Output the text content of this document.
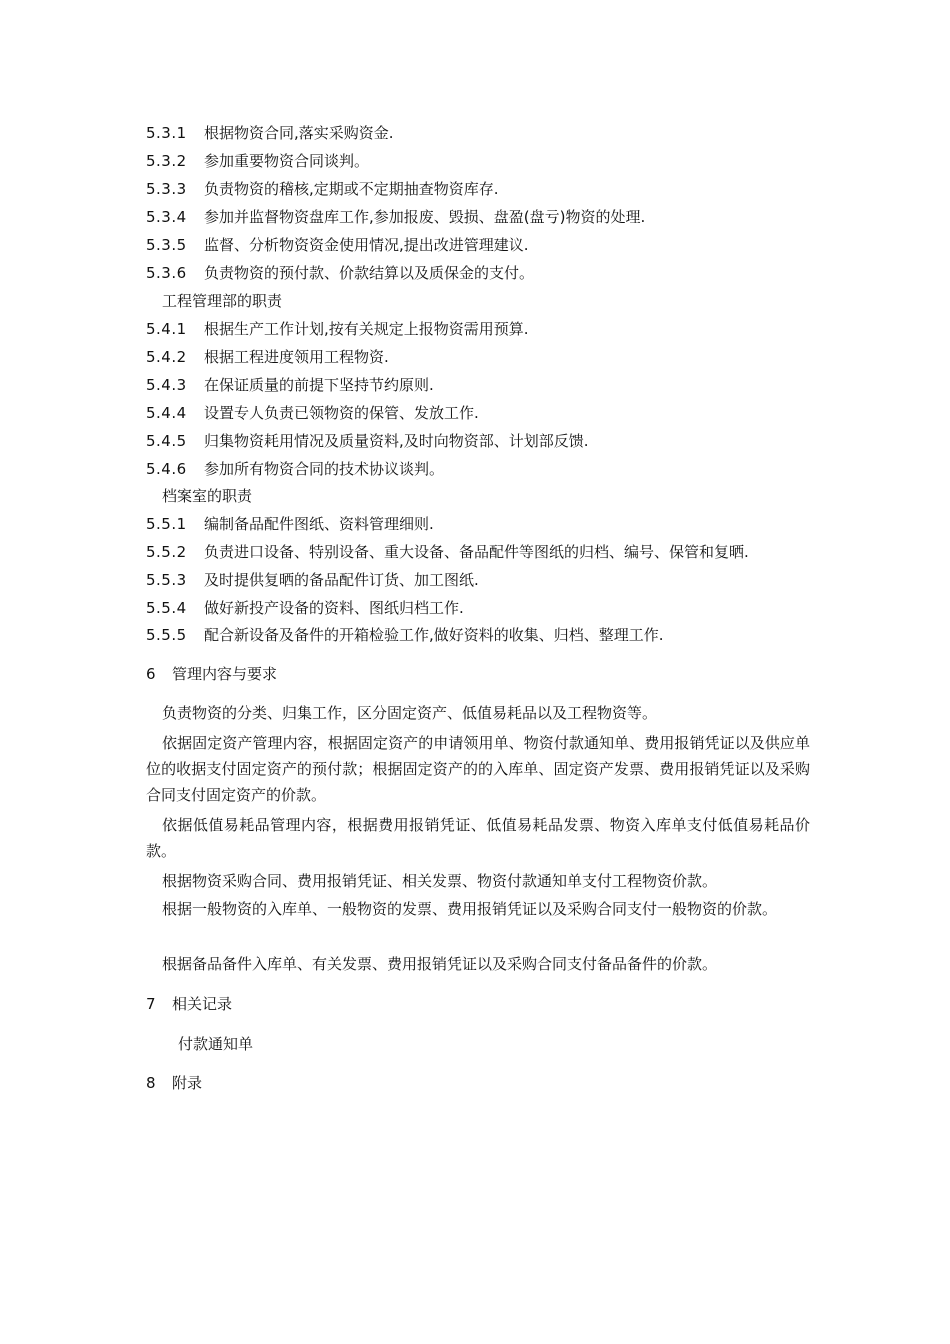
5.3.1 根据物资合同,落实采购资金.
5.3.2 参加重要物资合同谈判。
5.3.3 负责物资的稽核,定期或不定期抽查物资库存.
5.3.4 参加并监督物资盘库工作,参加报废、毁损、盘盈(盘亏)物资的处理.
5.3.5 监督、分析物资资金使用情况,提出改进管理建议.
5.3.6 负责物资的预付款、价款结算以及质保金的支付。
工程管理部的职责
5.4.1 根据生产工作计划,按有关规定上报物资需用预算.
5.4.2 根据工程进度领用工程物资.
5.4.3 在保证质量的前提下坚持节约原则.
5.4.4 设置专人负责已领物资的保管、发放工作.
5.4.5 归集物资耗用情况及质量资料,及时向物资部、计划部反馈.
5.4.6 参加所有物资合同的技术协议谈判。
档案室的职责
5.5.1 编制备品配件图纸、资料管理细则.
5.5.2 负责进口设备、特别设备、重大设备、备品配件等图纸的归档、编号、保管和复晒.
5.5.3 及时提供复晒的备品配件订货、加工图纸.
5.5.4 做好新投产设备的资料、图纸归档工作.
5.5.5 配合新设备及备件的开箱检验工作,做好资料的收集、归档、整理工作.
6 管理内容与要求
负责物资的分类、归集工作，区分固定资产、低值易耗品以及工程物资等。
依据固定资产管理内容，根据固定资产的申请领用单、物资付款通知单、费用报销凭证以及供应单位的收据支付固定资产的预付款；根据固定资产的的入库单、固定资产发票、费用报销凭证以及采购合同支付固定资产的价款。
依据低值易耗品管理内容，根据费用报销凭证、低值易耗品发票、物资入库单支付低值易耗品价款。
根据物资采购合同、费用报销凭证、相关发票、物资付款通知单支付工程物资价款。
根据一般物资的入库单、一般物资的发票、费用报销凭证以及采购合同支付一般物资的价款。
根据备品备件入库单、有关发票、费用报销凭证以及采购合同支付备品备件的价款。
7 相关记录
付款通知单
8 附录
